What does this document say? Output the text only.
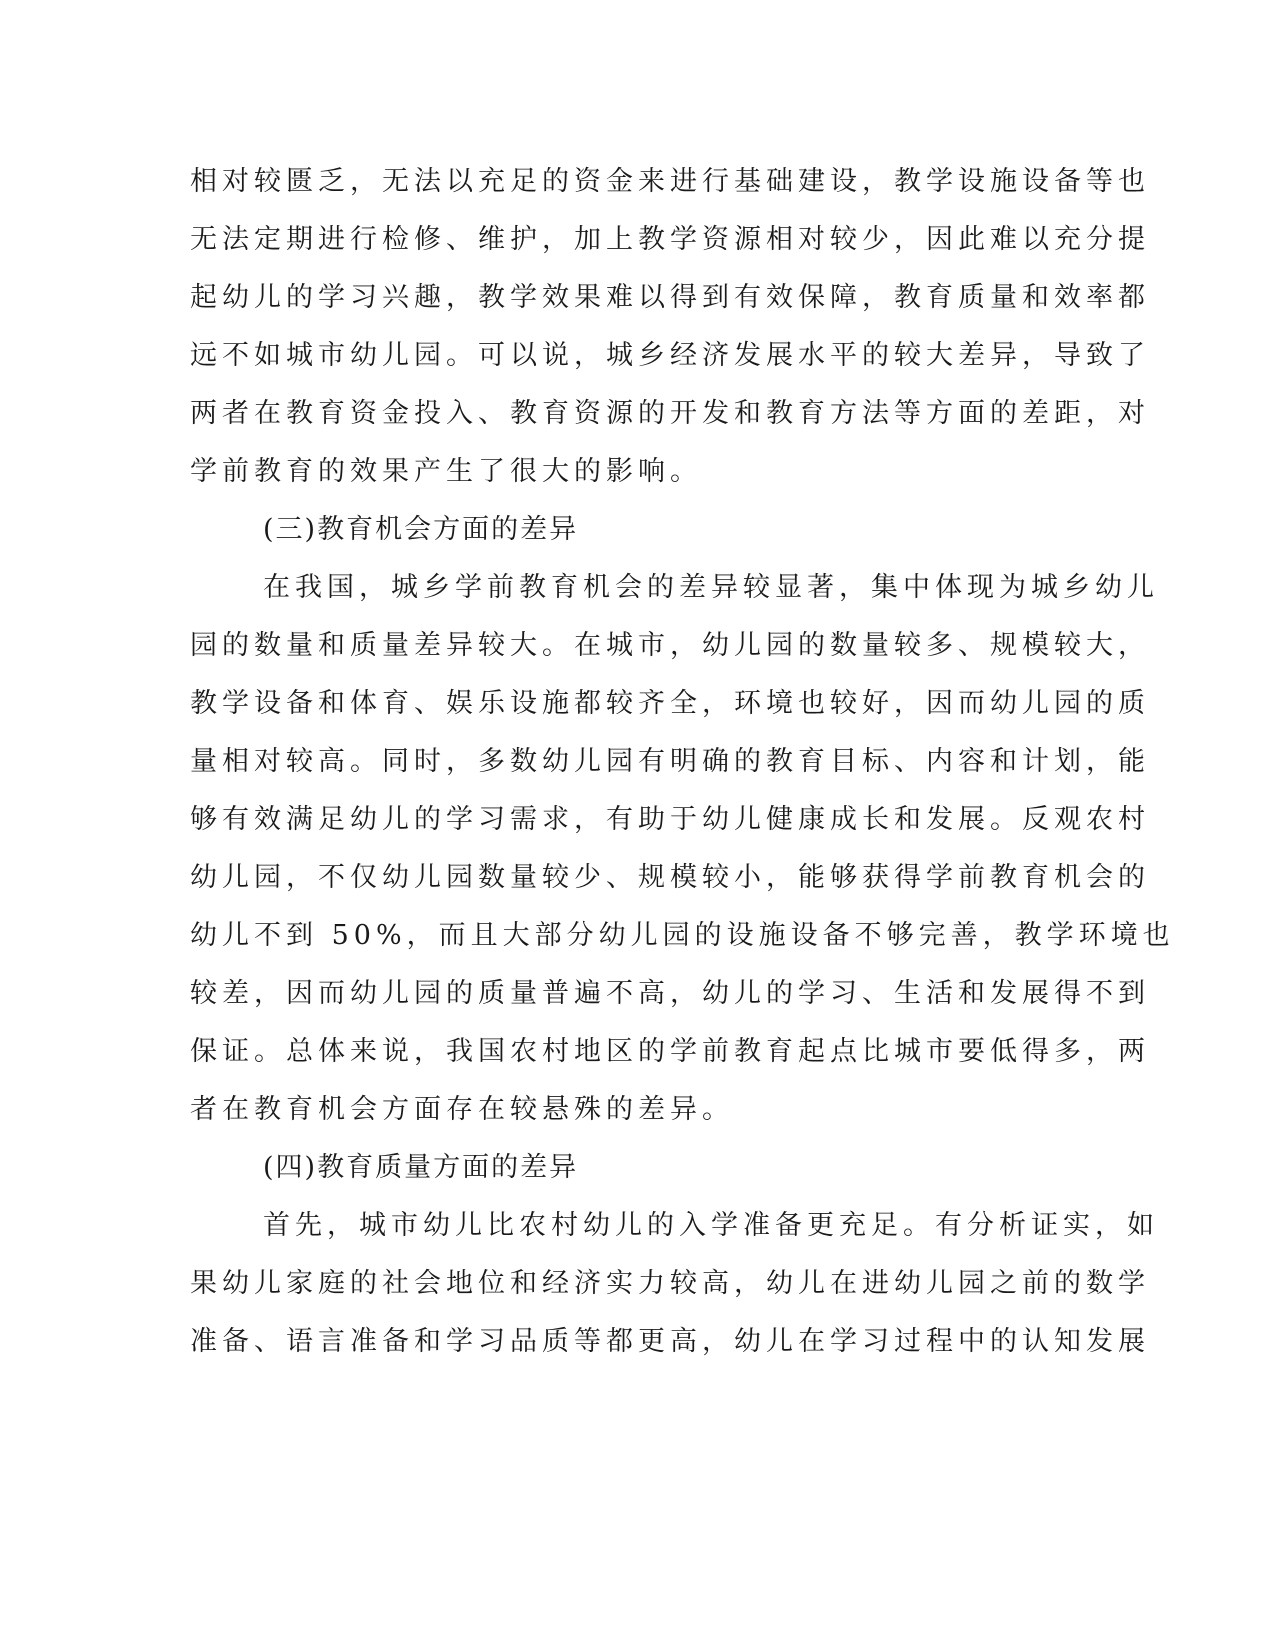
相对较匮乏，无法以充足的资金来进行基础建设，教学设施设备等也
无法定期进行检修、维护，加上教学资源相对较少，因此难以充分提
起幼儿的学习兴趣，教学效果难以得到有效保障，教育质量和效率都
远不如城市幼儿园。可以说，城乡经济发展水平的较大差异，导致了
两者在教育资金投入、教育资源的开发和教育方法等方面的差距，对
学前教育的效果产生了很大的影响。
(三)教育机会方面的差异
在我国，城乡学前教育机会的差异较显著，集中体现为城乡幼儿
园的数量和质量差异较大。在城市，幼儿园的数量较多、规模较大，
教学设备和体育、娱乐设施都较齐全，环境也较好，因而幼儿园的质
量相对较高。同时，多数幼儿园有明确的教育目标、内容和计划，能
够有效满足幼儿的学习需求，有助于幼儿健康成长和发展。反观农村
幼儿园，不仅幼儿园数量较少、规模较小，能够获得学前教育机会的
幼儿不到 50%，而且大部分幼儿园的设施设备不够完善，教学环境也
较差，因而幼儿园的质量普遍不高，幼儿的学习、生活和发展得不到
保证。总体来说，我国农村地区的学前教育起点比城市要低得多，两
者在教育机会方面存在较悬殊的差异。
(四)教育质量方面的差异
首先，城市幼儿比农村幼儿的入学准备更充足。有分析证实，如
果幼儿家庭的社会地位和经济实力较高，幼儿在进幼儿园之前的数学
准备、语言准备和学习品质等都更高，幼儿在学习过程中的认知发展
